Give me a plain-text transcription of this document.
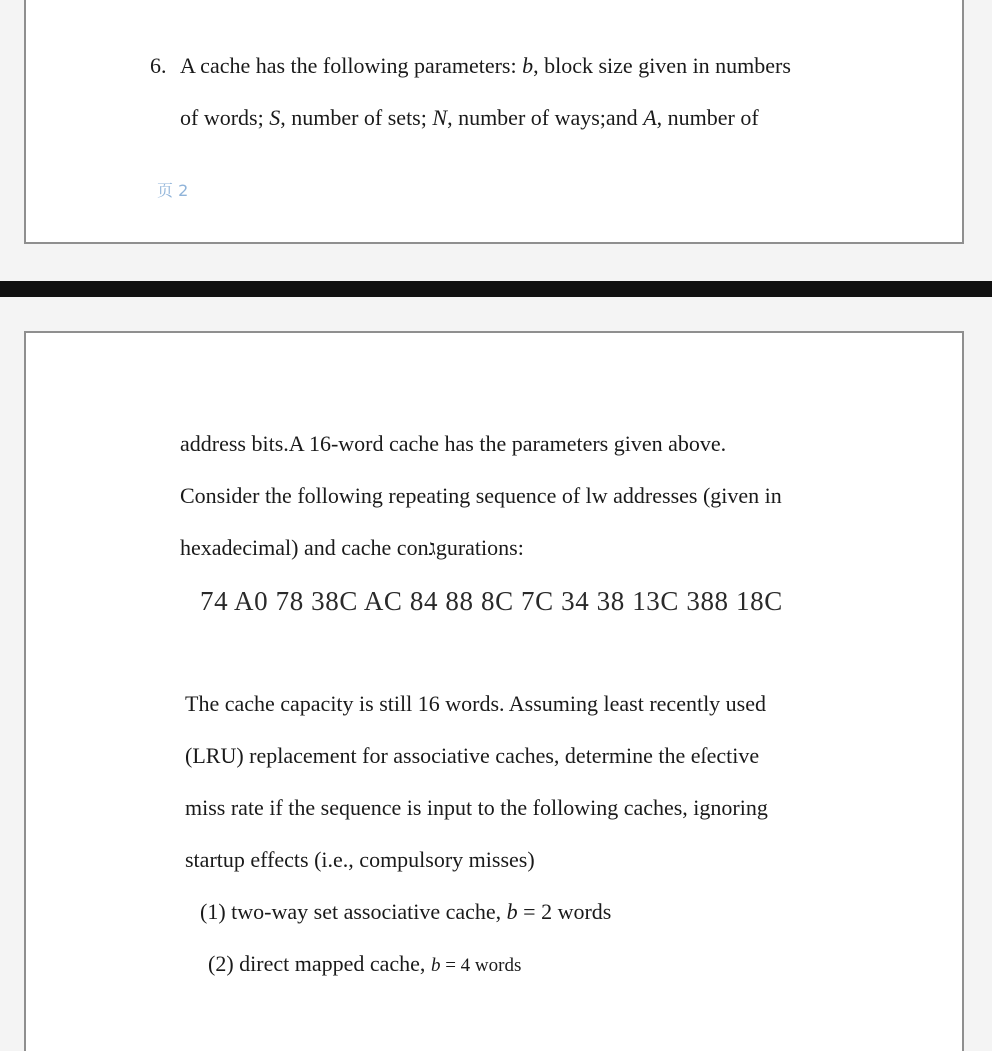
6. A cache has the following parameters: b, block size given in numbers
of words; S, number of sets; N, number of ways;and A, number of
页 2
address bits.A 16-word cache has the parameters given above.
Consider the following repeating sequence of lw addresses (given in
hexadecimal) and cache conגgurations:
74 A0 78 38C AC 84 88 8C 7C 34 38 13C 388 18C
The cache capacity is still 16 words. Assuming least recently used
(LRU) replacement for associative caches, determine the eſective
miss rate if the sequence is input to the following caches, ignoring
startup effects (i.e., compulsory misses)
(1) two-way set associative cache, b = 2 words
(2) direct mapped cache, b = 4 words
